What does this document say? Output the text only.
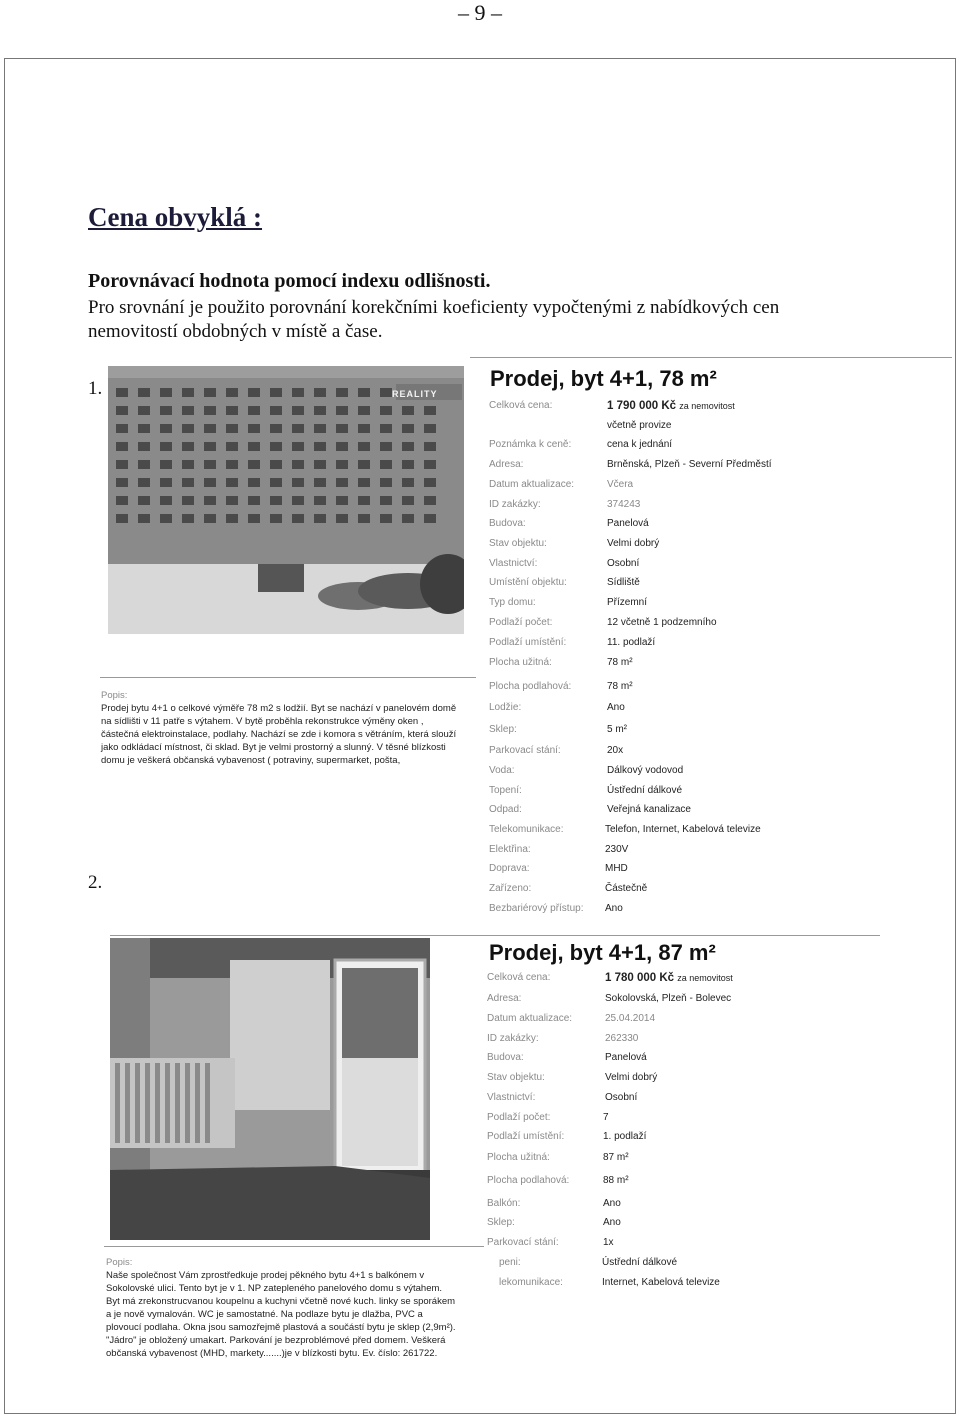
– 9 –
Cena obvyklá :
Porovnávací hodnota pomocí indexu odlišnosti.
Pro srovnání je použito porovnání korekčními koeficienty vypočtenými z nabídkových cen nemovitostí obdobných v místě a čase.
1.	REALITY
Prodej, byt 4+1, 78 m²
Celková cena:	1 790 000 Kč za nemovitost
včetně provize
Poznámka k ceně:	cena k jednání
Adresa:	Brněnská, Plzeň - Severní Předměstí
Datum aktualizace:	Včera
ID zakázky:	374243
Budova:	Panelová
Stav objektu:	Velmi dobrý
Vlastnictví:	Osobní
Umístění objektu:	Sídliště
Typ domu:	Přízemní
Podlaží počet:	12 včetně 1 podzemního
Podlaží umístění:	11. podlaží
Plocha užitná:	78 m²
Plocha podlahová:	78 m²
Lodžie:	Ano
Sklep:	5 m²
Parkovací stání:	20x
Voda:	Dálkový vodovod
Topení:	Ústřední dálkové
Odpad:	Veřejná kanalizace
Telekomunikace:	Telefon, Internet, Kabelová televize
Elektřina:	230V
Doprava:	MHD
Zařízeno:	Částečně
Bezbariérový přístup: Ano
Popis:
Prodej bytu 4+1 o celkové výměře 78 m2 s lodžií. Byt se nachází v panelovém domě na sídlišti v 11 patře s výtahem. V bytě proběhla rekonstrukce výměny oken , částečná elektroinstalace, podlahy. Nachází se zde i komora s větráním, která slouží jako odkládací místnost, či sklad. Byt je velmi prostorný a slunný. V těsné blízkosti domu je veškerá občanská vybavenost ( potraviny, supermarket, pošta,
2.
Prodej, byt 4+1, 87 m²
Celková cena:	1 780 000 Kč za nemovitost
Adresa:	Sokolovská, Plzeň - Bolevec
Datum aktualizace:	25.04.2014
ID zakázky:	262330
Budova:	Panelová
Stav objektu:	Velmi dobrý
Vlastnictví:	Osobní
Podlaží počet:	7
Podlaží umístění:	1. podlaží
Plocha užitná:	87 m²
Plocha podlahová:	88 m²
Balkón:	Ano
Sklep:	Ano
Parkovací stání:	1x
peni:	Ústřední dálkové
lekomunikace:	Internet, Kabelová televize
Popis:
Naše společnost Vám zprostředkuje prodej pěkného bytu 4+1 s balkónem v Sokolovské ulici. Tento byt je v 1. NP zatepleného panelového domu s výtahem. Byt má zrekonstrucvanou koupelnu a kuchyni včetně nové kuch. linky se sporákem a je nově vymalován. WC je samostatné. Na podlaze bytu je dlažba, PVC a plovoucí podlaha. Okna jsou samozřejmě plastová a součástí bytu je sklep (2,9m²). "Jádro" je obložený umakart. Parkování je bezproblémové před domem. Veškerá občanská vybavenost (MHD, markety.......)je v blízkosti bytu. Ev. číslo: 261722.
